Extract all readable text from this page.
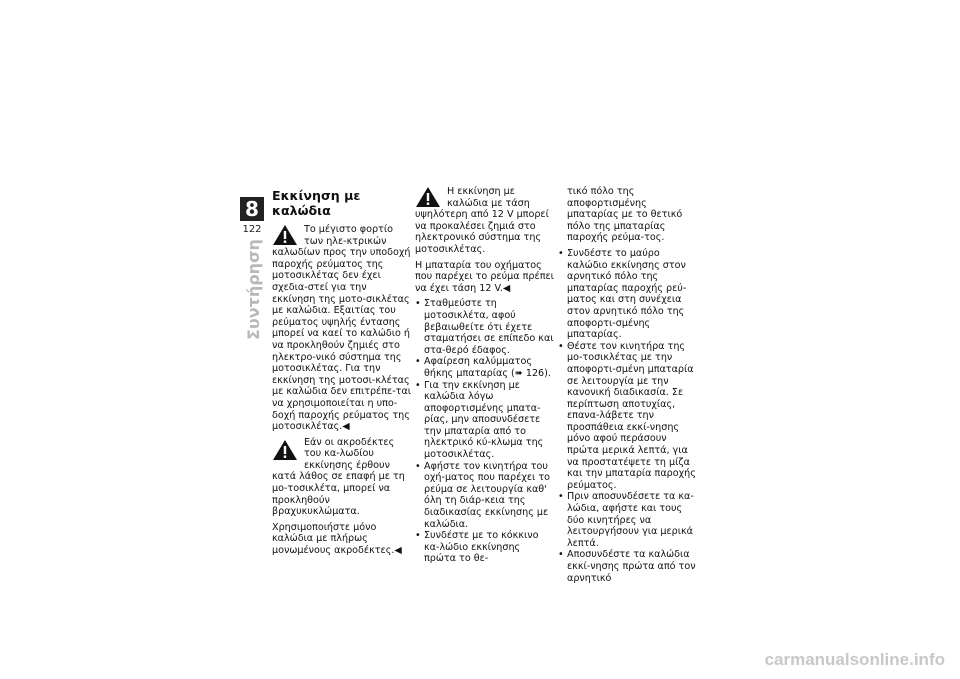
8
122
Συντήρηση
Εκκίνηση με καλώδια
Το μέγιστο φορτίο των ηλε-κτρικών καλωδίων προς την υποδοχή παροχής ρεύματος της μοτοσικλέτας δεν έχει σχεδια-στεί για την εκκίνηση της μοτο-σικλέτας με καλώδια. Εξαιτίας του ρεύματος υψηλής έντασης μπορεί να καεί το καλώδιο ή να προκληθούν ζημιές στο ηλεκτρο-νικό σύστημα της μοτοσικλέτας. Για την εκκίνηση της μοτοσι-κλέτας με καλώδια δεν επιτρέπε-ται να χρησιμοποιείται η υπο-δοχή παροχής ρεύματος της μοτοσικλέτας.◀
Εάν οι ακροδέκτες του κα-λωδίου εκκίνησης έρθουν κατά λάθος σε επαφή με τη μο-τοσικλέτα, μπορεί να προκληθούν βραχυκυκλώματα.
Χρησιμοποιήστε μόνο καλώδια με πλήρως μονωμένους ακροδέκτες.◀
Η εκκίνηση με καλώδια με τάση υψηλότερη από 12 V μπορεί να προκαλέσει ζημιά στο ηλεκτρονικό σύστημα της μοτοσικλέτας.
Η μπαταρία του οχήματος που παρέχει το ρεύμα πρέπει να έχει τάση 12 V.◀
• Σταθμεύστε τη μοτοσικλέτα, αφού βεβαιωθείτε ότι έχετε σταματήσει σε επίπεδο και στα-θερό έδαφος.
• Αφαίρεση καλύμματος θήκης μπαταρίας (➠ 126).
• Για την εκκίνηση με καλώδια λόγω αποφορτισμένης μπατα-ρίας, μην αποσυνδέσετε την μπαταρία από το ηλεκτρικό κύ-κλωμα της μοτοσικλέτας.
• Αφήστε τον κινητήρα του οχή-ματος που παρέχει το ρεύμα σε λειτουργία καθ' όλη τη διάρ-κεια της διαδικασίας εκκίνησης με καλώδια.
• Συνδέστε με το κόκκινο κα-λώδιο εκκίνησης πρώτα το θε-
τικό πόλο της αποφορτισμένης μπαταρίας με το θετικό πόλο της μπαταρίας παροχής ρεύμα-τος.
• Συνδέστε το μαύρο καλώδιο εκκίνησης στον αρνητικό πόλο της μπαταρίας παροχής ρεύ-ματος και στη συνέχεια στον αρνητικό πόλο της αποφορτι-σμένης μπαταρίας.
• Θέστε τον κινητήρα της μο-τοσικλέτας με την αποφορτι-σμένη μπαταρία σε λειτουργία με την κανονική διαδικασία. Σε περίπτωση αποτυχίας, επανα-λάβετε την προσπάθεια εκκί-νησης μόνο αφού περάσουν πρώτα μερικά λεπτά, για να προστατέψετε τη μίζα και την μπαταρία παροχής ρεύματος.
• Πριν αποσυνδέσετε τα κα-λώδια, αφήστε και τους δύο κινητήρες να λειτουργήσουν για μερικά λεπτά.
• Αποσυνδέστε τα καλώδια εκκί-νησης πρώτα από τον αρνητικό
carmanualsonline.info
